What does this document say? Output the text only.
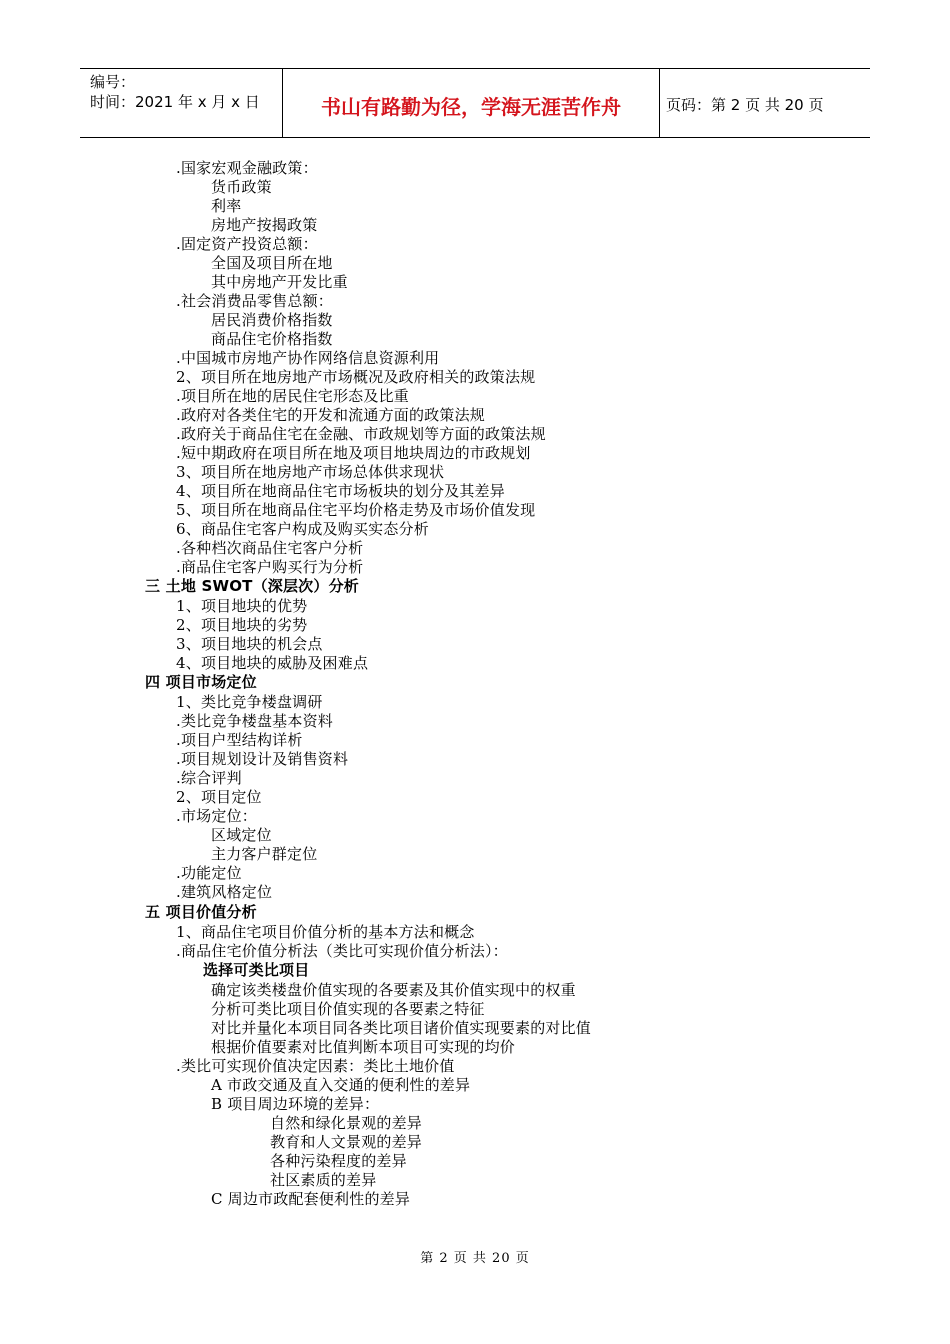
编号：
时间：2021 年 x 月 x 日	书山有路勤为径，学海无涯苦作舟	页码：第 2 页 共 20 页
.国家宏观金融政策：
货币政策
利率
房地产按揭政策
.固定资产投资总额：
全国及项目所在地
其中房地产开发比重
.社会消费品零售总额：
居民消费价格指数
商品住宅价格指数
.中国城市房地产协作网络信息资源利用
2、项目所在地房地产市场概况及政府相关的政策法规
.项目所在地的居民住宅形态及比重
.政府对各类住宅的开发和流通方面的政策法规
.政府关于商品住宅在金融、市政规划等方面的政策法规
.短中期政府在项目所在地及项目地块周边的市政规划
3、项目所在地房地产市场总体供求现状
4、项目所在地商品住宅市场板块的划分及其差异
5、项目所在地商品住宅平均价格走势及市场价值发现
6、商品住宅客户构成及购买实态分析
.各种档次商品住宅客户分析
.商品住宅客户购买行为分析
三 土地 SWOT（深层次）分析
1、项目地块的优势
2、项目地块的劣势
3、项目地块的机会点
4、项目地块的威胁及困难点
四 项目市场定位
1、类比竞争楼盘调研
.类比竞争楼盘基本资料
.项目户型结构详析
.项目规划设计及销售资料
.综合评判
2、项目定位
.市场定位：
区域定位
主力客户群定位
.功能定位
.建筑风格定位
五 项目价值分析
1、商品住宅项目价值分析的基本方法和概念
.商品住宅价值分析法（类比可实现价值分析法）：
选择可类比项目
确定该类楼盘价值实现的各要素及其价值实现中的权重
分析可类比项目价值实现的各要素之特征
对比并量化本项目同各类比项目诸价值实现要素的对比值
根据价值要素对比值判断本项目可实现的均价
.类比可实现价值决定因素：类比土地价值
A 市政交通及直入交通的便利性的差异
B 项目周边环境的差异：
自然和绿化景观的差异
教育和人文景观的差异
各种污染程度的差异
社区素质的差异
C 周边市政配套便利性的差异
第 2 页 共 20 页
